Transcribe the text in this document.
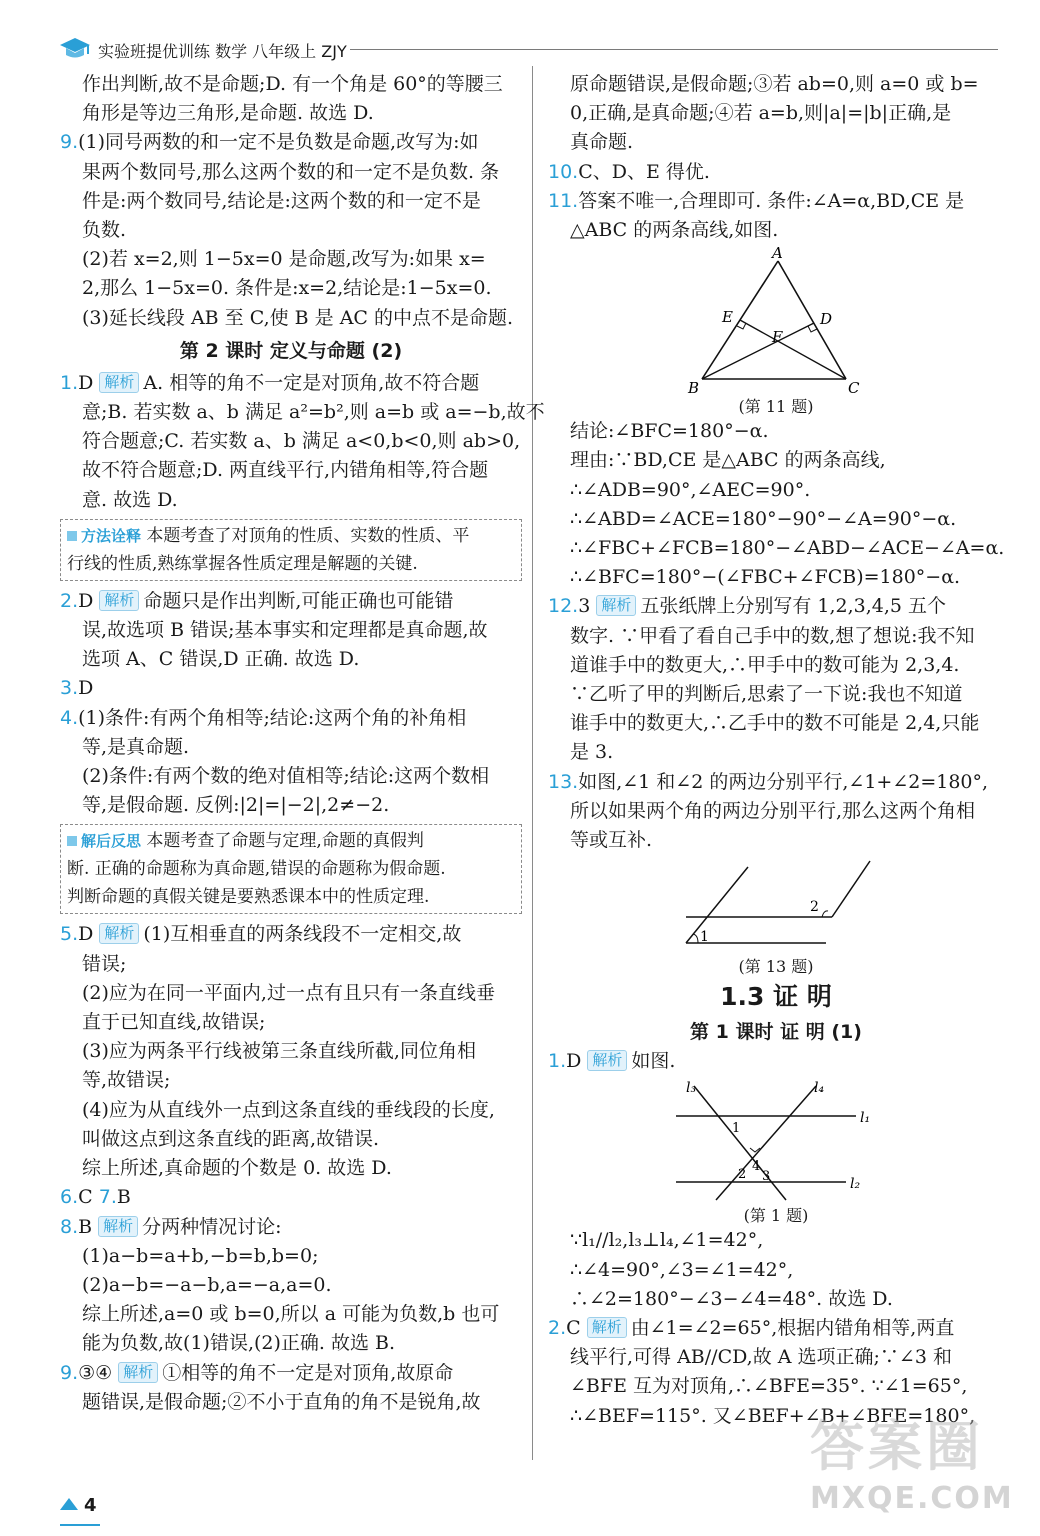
实验班提优训练 数学 八年级上 ZJY
作出判断,故不是命题;D. 有一个角是 60°的等腰三
角形是等边三角形,是命题. 故选 D.
9.(1)同号两数的和一定不是负数是命题,改写为:如
果两个数同号,那么这两个数的和一定不是负数. 条
件是:两个数同号,结论是:这两个数的和一定不是
负数.
(2)若 x=2,则 1−5x=0 是命题,改写为:如果 x=
2,那么 1−5x=0. 条件是:x=2,结论是:1−5x=0.
(3)延长线段 AB 至 C,使 B 是 AC 的中点不是命题.
第 2 课时 定义与命题 (2)
1.D 解析 A. 相等的角不一定是对顶角,故不符合题
意;B. 若实数 a、b 满足 a²=b²,则 a=b 或 a=−b,故不
符合题意;C. 若实数 a、b 满足 a<0,b<0,则 ab>0,
故不符合题意;D. 两直线平行,内错角相等,符合题
意. 故选 D.
方法诠释 本题考查了对顶角的性质、实数的性质、平
行线的性质,熟练掌握各性质定理是解题的关键.
2.D 解析 命题只是作出判断,可能正确也可能错
误,故选项 B 错误;基本事实和定理都是真命题,故
选项 A、C 错误,D 正确. 故选 D.
3.D
4.(1)条件:有两个角相等;结论:这两个角的补角相
等,是真命题.
(2)条件:有两个数的绝对值相等;结论:这两个数相
等,是假命题. 反例:|2|=|−2|,2≠−2.
解后反思 本题考查了命题与定理,命题的真假判
断. 正确的命题称为真命题,错误的命题称为假命题.
判断命题的真假关键是要熟悉课本中的性质定理.
5.D 解析 (1)互相垂直的两条线段不一定相交,故
错误;
(2)应为在同一平面内,过一点有且只有一条直线垂
直于已知直线,故错误;
(3)应为两条平行线被第三条直线所截,同位角相
等,故错误;
(4)应为从直线外一点到这条直线的垂线段的长度,
叫做这点到这条直线的距离,故错误.
综上所述,真命题的个数是 0. 故选 D.
6.C 7.B
8.B 解析 分两种情况讨论:
(1)a−b=a+b,−b=b,b=0;
(2)a−b=−a−b,a=−a,a=0.
综上所述,a=0 或 b=0,所以 a 可能为负数,b 也可
能为负数,故(1)错误,(2)正确. 故选 B.
9.③④ 解析 ①相等的角不一定是对顶角,故原命
题错误,是假命题;②不小于直角的角不是锐角,故
原命题错误,是假命题;③若 ab=0,则 a=0 或 b=
0,正确,是真命题;④若 a=b,则|a|=|b|正确,是
真命题.
10.C、D、E 得优.
11.答案不唯一,合理即可. 条件:∠A=α,BD,CE 是
△ABC 的两条高线,如图.
A
B	C
D
E
F
(第 11 题)
结论:∠BFC=180°−α.
理由:∵BD,CE 是△ABC 的两条高线,
∴∠ADB=90°,∠AEC=90°.
∴∠ABD=∠ACE=180°−90°−∠A=90°−α.
∴∠FBC+∠FCB=180°−∠ABD−∠ACE−∠A=α.
∴∠BFC=180°−(∠FBC+∠FCB)=180°−α.
12.3 解析 五张纸牌上分别写有 1,2,3,4,5 五个
数字. ∵甲看了看自己手中的数,想了想说:我不知
道谁手中的数更大,∴甲手中的数可能为 2,3,4.
∵乙听了甲的判断后,思索了一下说:我也不知道
谁手中的数更大,∴乙手中的数不可能是 2,4,只能
是 3.
13.如图,∠1 和∠2 的两边分别平行,∠1+∠2=180°,
所以如果两个角的两边分别平行,那么这两个角相
等或互补.
1
2
(第 13 题)
1.3 证 明
第 1 课时 证 明 (1)
1.D 解析 如图.
l₃	l₄
l₁
l₂
1
2 3
4
(第 1 题)
∵l₁//l₂,l₃⊥l₄,∠1=42°,
∴∠4=90°,∠3=∠1=42°,
∴∠2=180°−∠3−∠4=48°. 故选 D.
2.C 解析 由∠1=∠2=65°,根据内错角相等,两直
线平行,可得 AB//CD,故 A 选项正确;∵∠3 和
∠BFE 互为对顶角,∴∠BFE=35°. ∵∠1=65°,
∴∠BEF=115°. 又∠BEF+∠B+∠BFE=180°,
4
答案圈
MXQE.COM
